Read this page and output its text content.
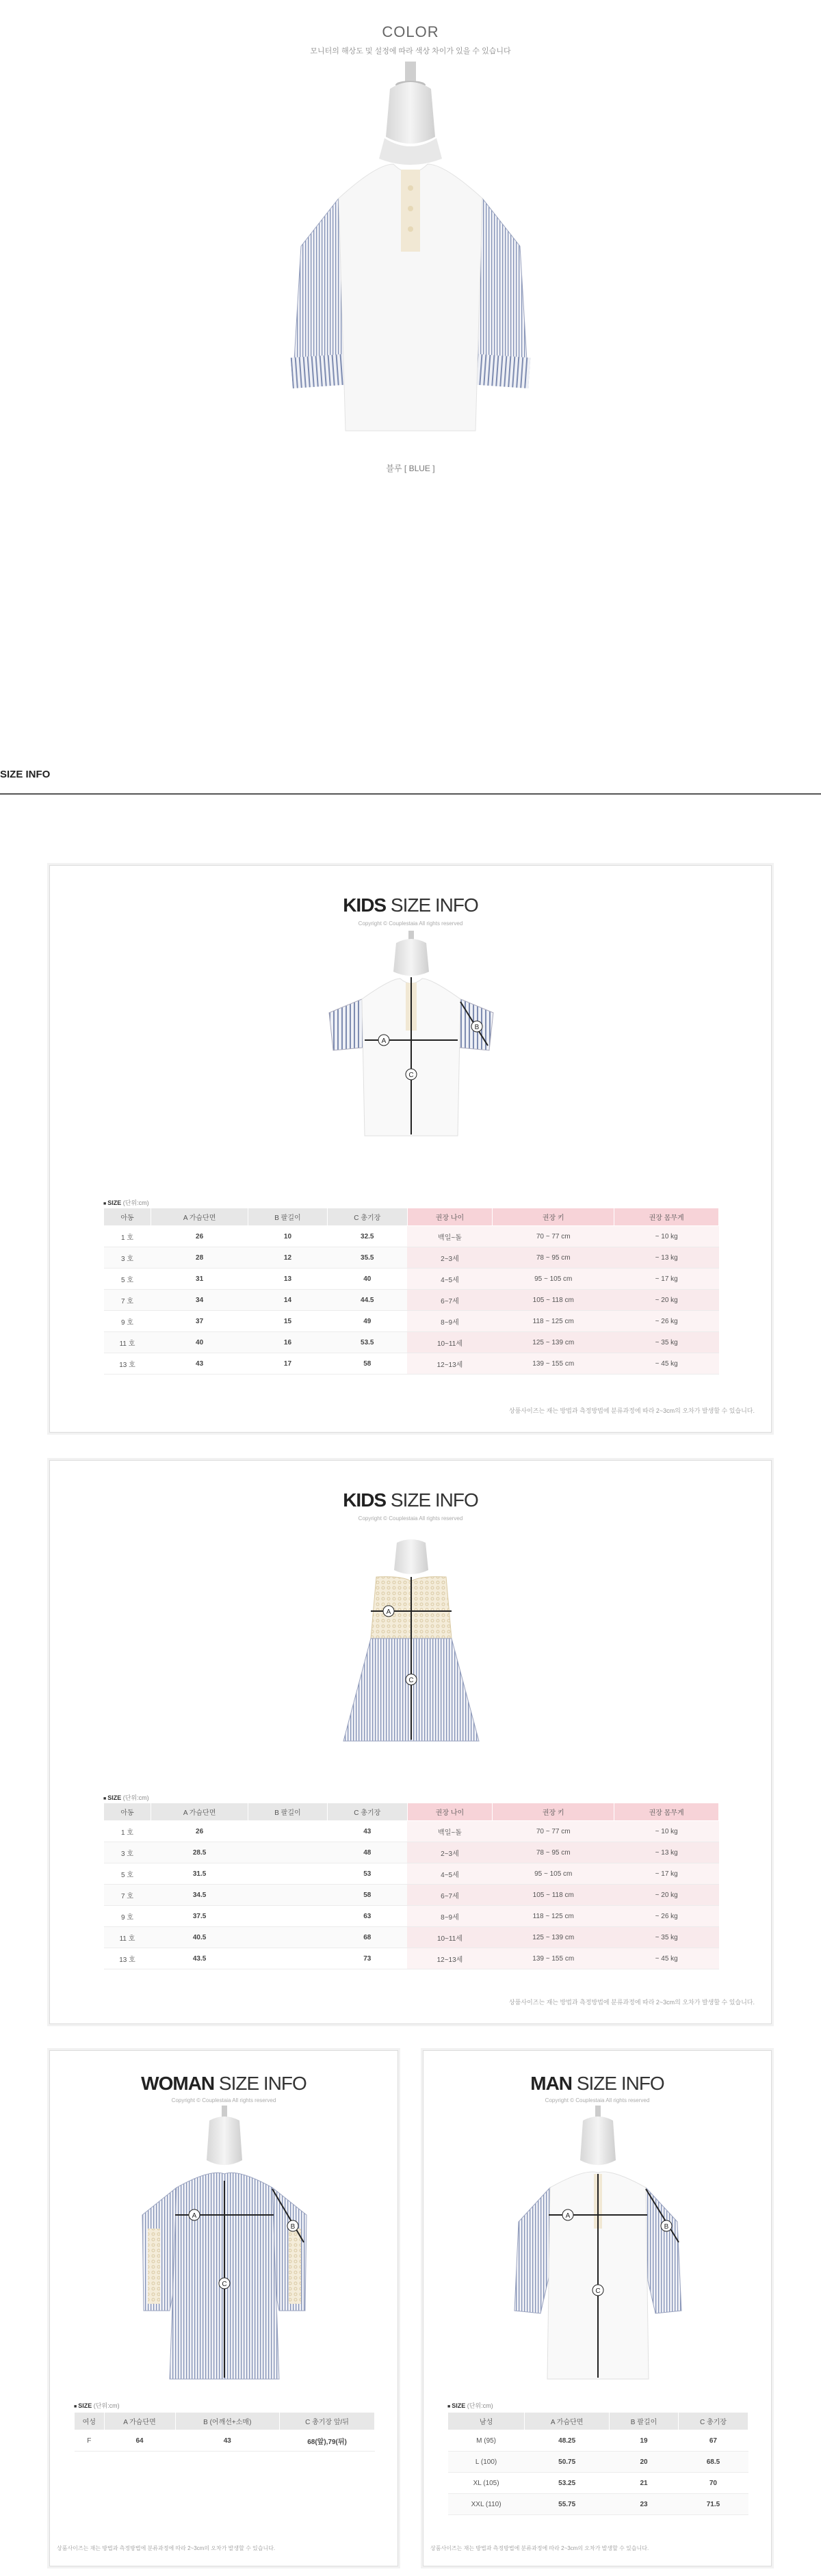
COLOR
모니터의 해상도 및 설정에 따라 색상 차이가 있을 수 있습니다
블루 [ BLUE ]
SIZE INFO
KIDS SIZE INFO
Copyright © Couplestaia All rights reserved
A
B
C
■ SIZE (단위:cm)
아동	A 가슴단면	B 팔길이	C 총기장	권장 나이	권장 키	권장 몸무게
1 호	26	10	32.5	백일~돌	70 ~ 77 cm	~ 10 kg
3 호	28	12	35.5	2~3세	78 ~ 95 cm	~ 13 kg
5 호	31	13	40	4~5세	95 ~ 105 cm	~ 17 kg
7 호	34	14	44.5	6~7세	105 ~ 118 cm	~ 20 kg
9 호	37	15	49	8~9세	118 ~ 125 cm	~ 26 kg
11 호	40	16	53.5	10~11세	125 ~ 139 cm	~ 35 kg
13 호	43	17	58	12~13세	139 ~ 155 cm	~ 45 kg
상품사이즈는 재는 방법과 측정방법에 분류과정에 따라 2~3cm의 오차가 발생할 수 있습니다.
KIDS SIZE INFO
Copyright © Couplestaia All rights reserved
A
C
■ SIZE (단위:cm)
아동	A 가슴단면	B 팔길이	C 총기장	권장 나이	권장 키	권장 몸무게
1 호	26		43	백일~돌	70 ~ 77 cm	~ 10 kg
3 호	28.5		48	2~3세	78 ~ 95 cm	~ 13 kg
5 호	31.5		53	4~5세	95 ~ 105 cm	~ 17 kg
7 호	34.5		58	6~7세	105 ~ 118 cm	~ 20 kg
9 호	37.5		63	8~9세	118 ~ 125 cm	~ 26 kg
11 호	40.5		68	10~11세	125 ~ 139 cm	~ 35 kg
13 호	43.5		73	12~13세	139 ~ 155 cm	~ 45 kg
상품사이즈는 재는 방법과 측정방법에 분류과정에 따라 2~3cm의 오차가 발생할 수 있습니다.
WOMAN SIZE INFO
Copyright © Couplestaia All rights reserved
A
B
C
■ SIZE (단위:cm)
여성	A 가슴단면	B (어깨선+소매)	C 총기장 앞/뒤
F	64	43	68(앞),79(뒤)
상품사이즈는 재는 방법과 측정방법에 분류과정에 따라 2~3cm의 오차가 발생할 수 있습니다.
MAN SIZE INFO
Copyright © Couplestaia All rights reserved
A
B
C
■ SIZE (단위:cm)
남성	A 가슴단면	B 팔길이	C 총기장
M (95)	48.25	19	67
L (100)	50.75	20	68.5
XL (105)	53.25	21	70
XXL (110)	55.75	23	71.5
상품사이즈는 재는 방법과 측정방법에 분류과정에 따라 2~3cm의 오차가 발생할 수 있습니다.
